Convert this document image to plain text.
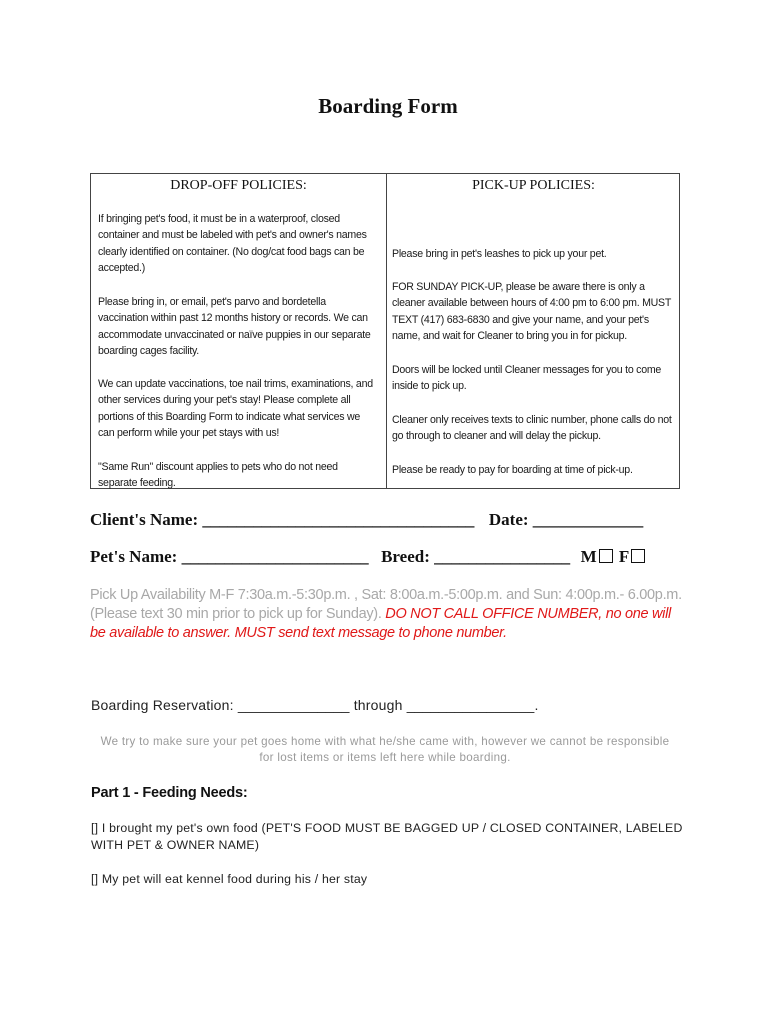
Boarding Form
DROP-OFF POLICIES:
If bringing pet's food, it must be in a waterproof, closed container and must be labeled with pet's and owner's names clearly identified on container. (No dog/cat food bags can be accepted.)
Please bring in, or email, pet's parvo and bordetella vaccination within past 12 months history or records. We can accommodate unvaccinated or naïve puppies in our separate boarding cages facility.
We can update vaccinations, toe nail trims, examinations, and other services during your pet's stay! Please complete all portions of this Boarding Form to indicate what services we can perform while your pet stays with us!
"Same Run" discount applies to pets who do not need separate feeding.
PICK-UP POLICIES:
Please bring in pet's leashes to pick up your pet.
FOR SUNDAY PICK-UP, please be aware there is only a cleaner available between hours of 4:00 pm to 6:00 pm. MUST TEXT (417) 683-6830 and give your name, and your pet's name, and wait for Cleaner to bring you in for pickup.
Doors will be locked until Cleaner messages for you to come inside to pick up.
Cleaner only receives texts to clinic number, phone calls do not go through to cleaner and will delay the pickup.
Please be ready to pay for boarding at time of pick-up.
Client's Name: ________________________________ Date: _____________
Pet's Name: ______________________ Breed: ________________ M F
Pick Up Availability M-F 7:30a.m.-5:30p.m. , Sat: 8:00a.m.-5:00p.m. and Sun: 4:00p.m.- 6.00p.m.(Please text 30 min prior to pick up for Sunday). DO NOT CALL OFFICE NUMBER, no one will be available to answer. MUST send text message to phone number.
Boarding Reservation: ______________ through ________________.
We try to make sure your pet goes home with what he/she came with, however we cannot be responsible for lost items or items left here while boarding.
Part 1 - Feeding Needs:
[] I brought my pet's own food (PET'S FOOD MUST BE BAGGED UP / CLOSED CONTAINER, LABELED WITH PET & OWNER NAME)
[] My pet will eat kennel food during his / her stay
